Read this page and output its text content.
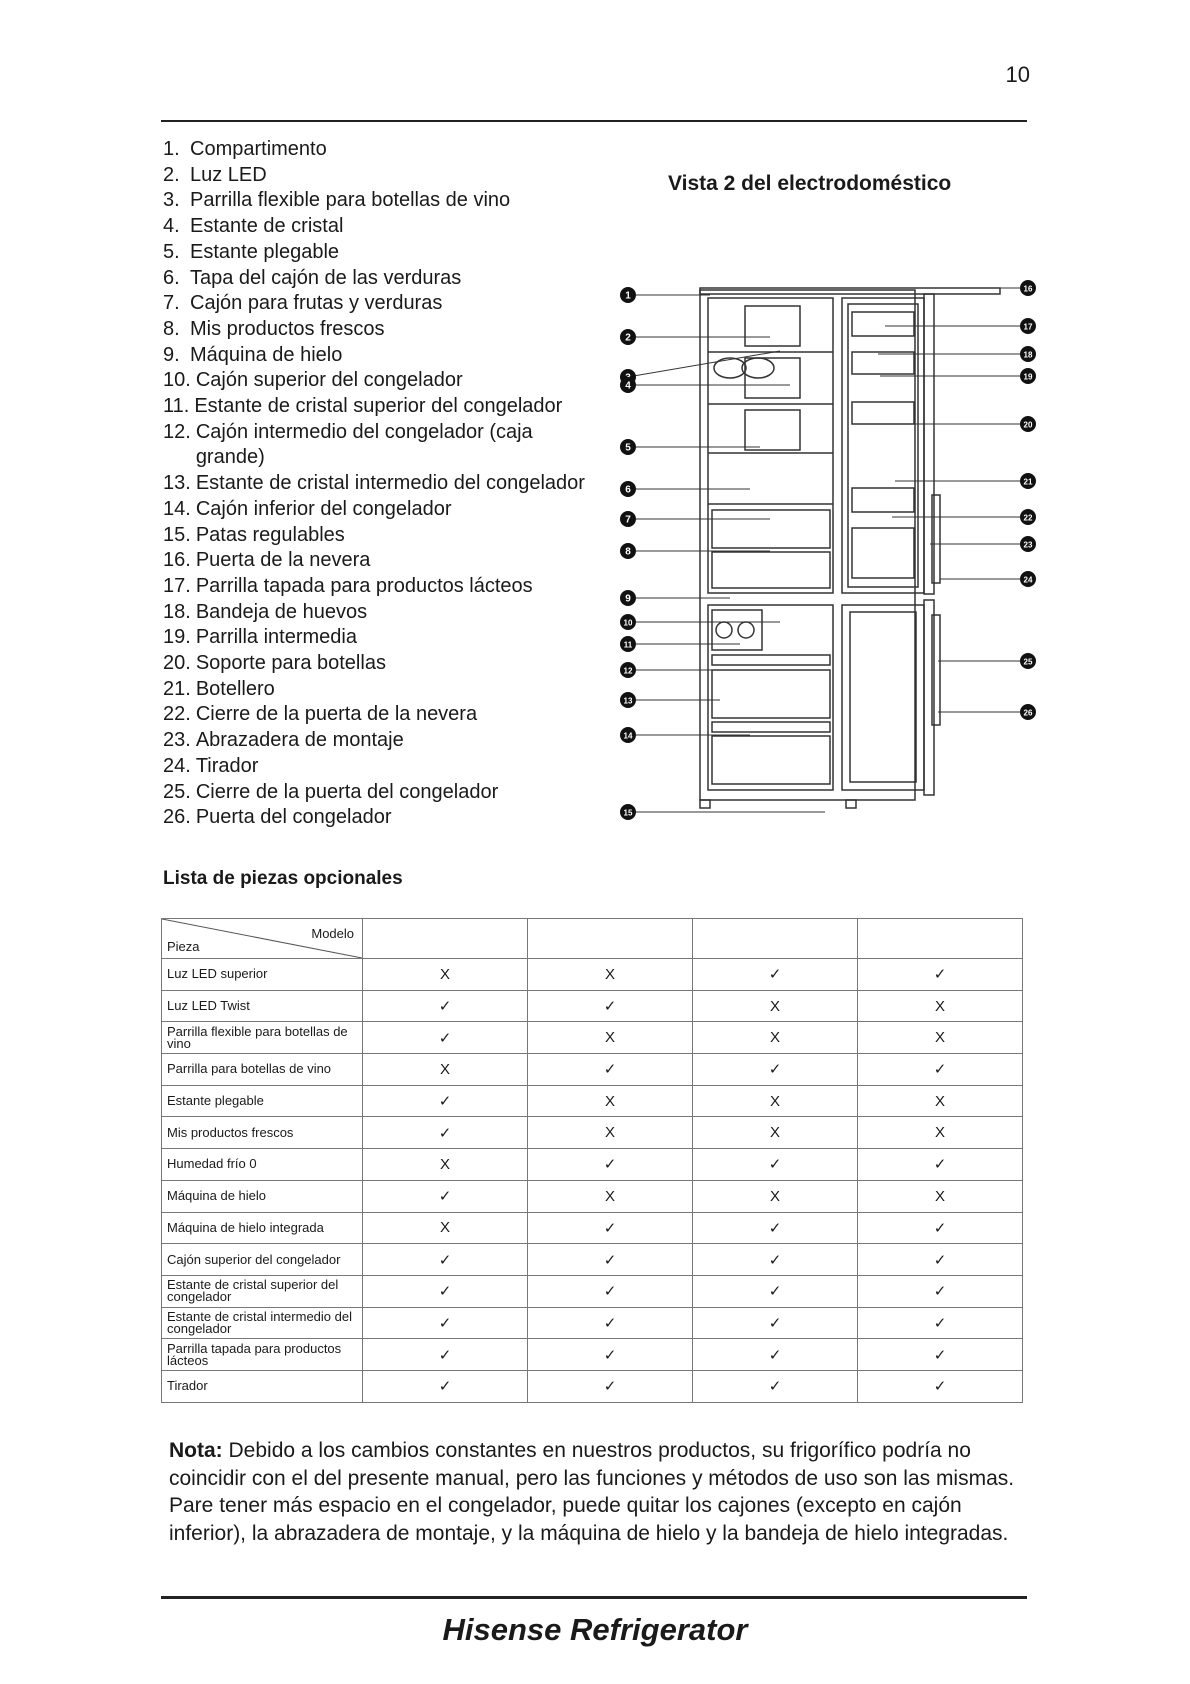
10
1. Compartimento
2. Luz LED
3. Parrilla flexible para botellas de vino
4. Estante de cristal
5. Estante plegable
6. Tapa del cajón de las verduras
7. Cajón para frutas y verduras
8. Mis productos frescos
9. Máquina de hielo
10. Cajón superior del congelador
11. Estante de cristal superior del congelador
12. Cajón intermedio del congelador (caja grande)
13. Estante de cristal intermedio del congelador
14. Cajón inferior del congelador
15. Patas regulables
16. Puerta de la nevera
17. Parrilla tapada para productos lácteos
18. Bandeja de huevos
19. Parrilla intermedia
20. Soporte para botellas
21. Botellero
22. Cierre de la puerta de la nevera
23. Abrazadera de montaje
24. Tirador
25. Cierre de la puerta del congelador
26. Puerta del congelador
Vista 2 del electrodoméstico
1
2
4
5
6
7
8
9
10
11
12
13
14
15
16
17
18
19
20
21
22
23
24
25
26
Lista de piezas opcionales
Modelo
Pieza				

Luz LED superior	X	X	✓	✓
Luz LED Twist	✓	✓	X	X
Parrilla flexible para botellas de vino	✓	X	X	X
Parrilla para botellas de vino	X	✓	✓	✓
Estante plegable	✓	X	X	X
Mis productos frescos	✓	X	X	X
Humedad frío 0	X	✓	✓	✓
Máquina de hielo	✓	X	X	X
Máquina de hielo integrada	X	✓	✓	✓
Cajón superior del congelador	✓	✓	✓	✓
Estante de cristal superior del congelador	✓	✓	✓	✓
Estante de cristal intermedio del congelador	✓	✓	✓	✓
Parrilla tapada para productos lácteos	✓	✓	✓	✓
Tirador	✓	✓	✓	✓

Nota: Debido a los cambios constantes en nuestros productos, su frigorífico podría no coincidir con el del presente manual, pero las funciones y métodos de uso son las mismas. Pare tener más espacio en el congelador, puede quitar los cajones (excepto en cajón inferior), la abrazadera de montaje, y la máquina de hielo y la bandeja de hielo integradas.

Hisense Refrigerator
